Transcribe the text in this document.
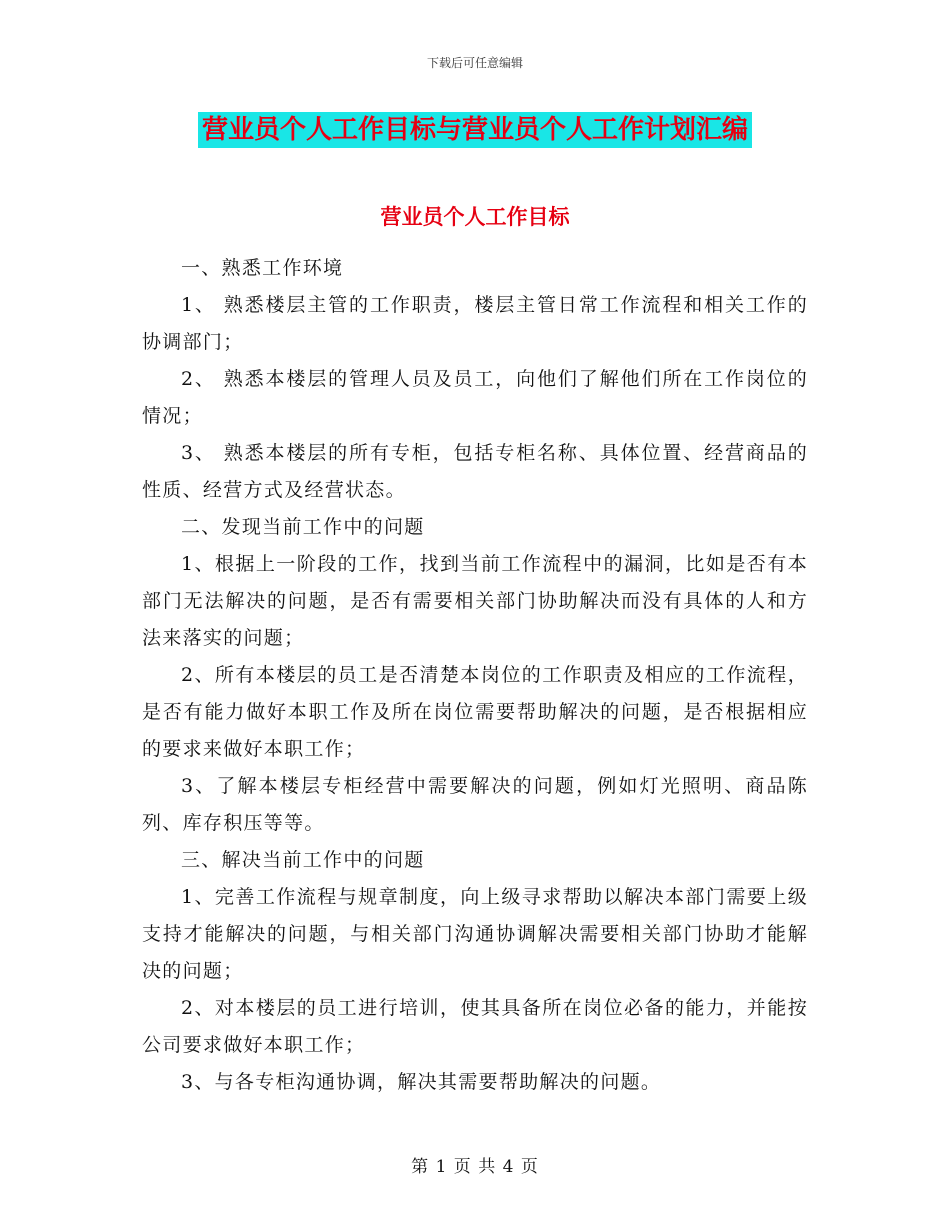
下载后可任意编辑
营业员个人工作目标与营业员个人工作计划汇编
营业员个人工作目标

一、熟悉工作环境

1、 熟悉楼层主管的工作职责，楼层主管日常工作流程和相关工作的协调部门；

2、 熟悉本楼层的管理人员及员工，向他们了解他们所在工作岗位的情况；

3、 熟悉本楼层的所有专柜，包括专柜名称、具体位置、经营商品的性质、经营方式及经营状态。

二、发现当前工作中的问题

1、根据上一阶段的工作，找到当前工作流程中的漏洞，比如是否有本部门无法解决的问题，是否有需要相关部门协助解决而没有具体的人和方法来落实的问题；

2、所有本楼层的员工是否清楚本岗位的工作职责及相应的工作流程，是否有能力做好本职工作及所在岗位需要帮助解决的问题，是否根据相应的要求来做好本职工作；

3、了解本楼层专柜经营中需要解决的问题，例如灯光照明、商品陈列、库存积压等等。

三、解决当前工作中的问题

1、完善工作流程与规章制度，向上级寻求帮助以解决本部门需要上级支持才能解决的问题，与相关部门沟通协调解决需要相关部门协助才能解决的问题；

2、对本楼层的员工进行培训，使其具备所在岗位必备的能力，并能按公司要求做好本职工作；

3、与各专柜沟通协调，解决其需要帮助解决的问题。

第 1 页 共 4 页
